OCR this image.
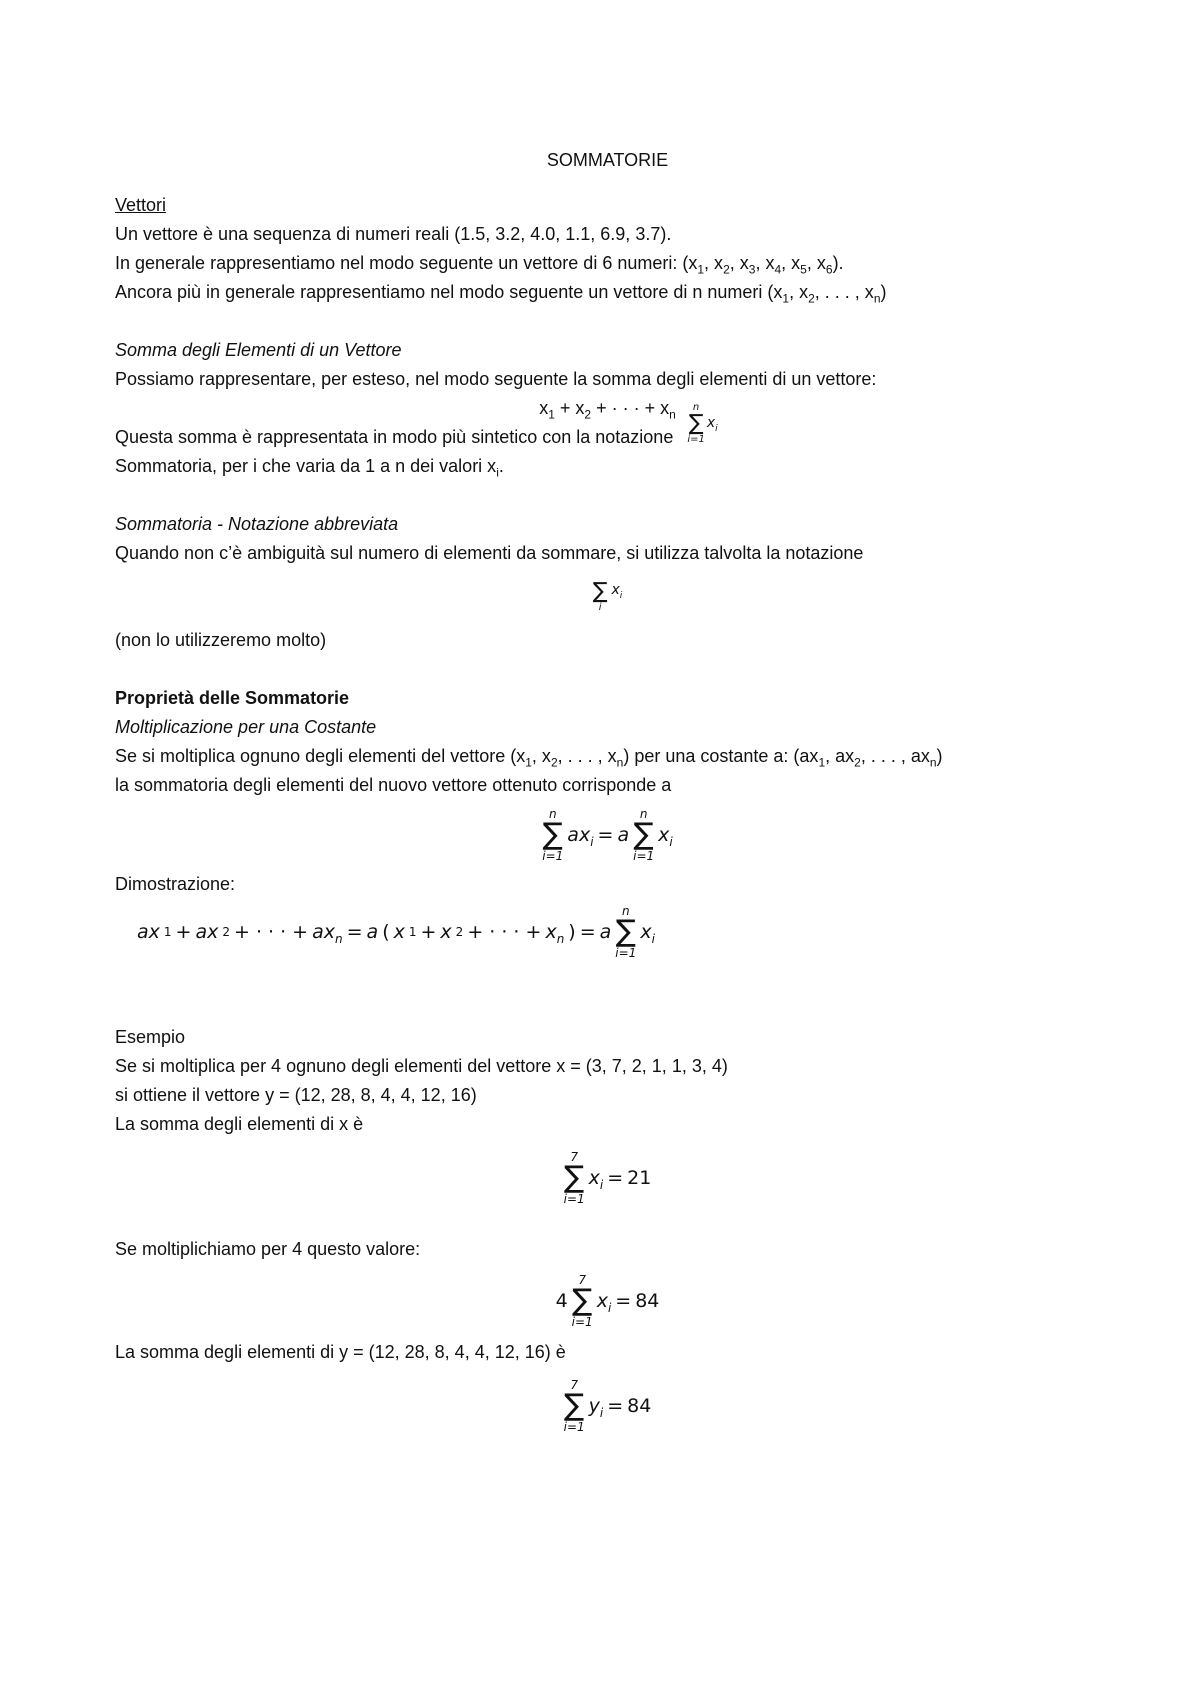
SOMMATORIE

Vettori

Un vettore è una sequenza di numeri reali (1.5, 3.2, 4.0, 1.1, 6.9, 3.7).

In generale rappresentiamo nel modo seguente un vettore di 6 numeri: ($x_1$, $x_2$, $x_3$, $x_4$, $x_5$, $x_6$).

Ancora più in generale rappresentiamo nel modo seguente un vettore di n numeri ($x_1$, $x_2$, . . . , $x_n$)

Somma degli Elementi di un Vettore

Possiamo rappresentare, per esteso, nel modo seguente la somma degli elementi di un vettore:

$x_1 + x_2$ + · · · + $x_n$

Questa somma è rappresentata in modo più sintetico con la notazione
n
∑
i=1
$x_i$

Sommatoria, per i che varia da 1 a n dei valori $x_i$.

Sommatoria - Notazione abbreviata

Quando non c’è ambiguità sul numero di elementi da sommare, si utilizza talvolta la notazione

∑
i
$x_i$

(non lo utilizzeremo molto)

Proprietà delle Sommatorie

Moltiplicazione per una Costante

Se si moltiplica ognuno degli elementi del vettore ($x_1$, $x_2$, . . . , $x_n$) per una costante a: ($ax_1$, $ax_2$, . . . , $ax_n$)

la sommatoria degli elementi del nuovo vettore ottenuto corrisponde a

n
∑
i=1
$ax_i = a$
n
∑
i=1
$x_i$

Dimostrazione:

ax 1 + ax 2 + · · · + $ax_n = a$ ( x 1 + x 2 + · · · + $x_n$ ) = a
n
∑
i=1
$x_i$

Esempio

Se si moltiplica per 4 ognuno degli elementi del vettore x = (3, 7, 2, 1, 1, 3, 4)

si ottiene il vettore y = (12, 28, 8, 4, 4, 12, 16)

La somma degli elementi di x è

7
∑
i=1
$x_i = 21$

Se moltiplichiamo per 4 questo valore:

4
7
∑
i=1
$x_i = 84$

La somma degli elementi di y = (12, 28, 8, 4, 4, 12, 16) è

7
∑
i=1
$y_i = 84$
